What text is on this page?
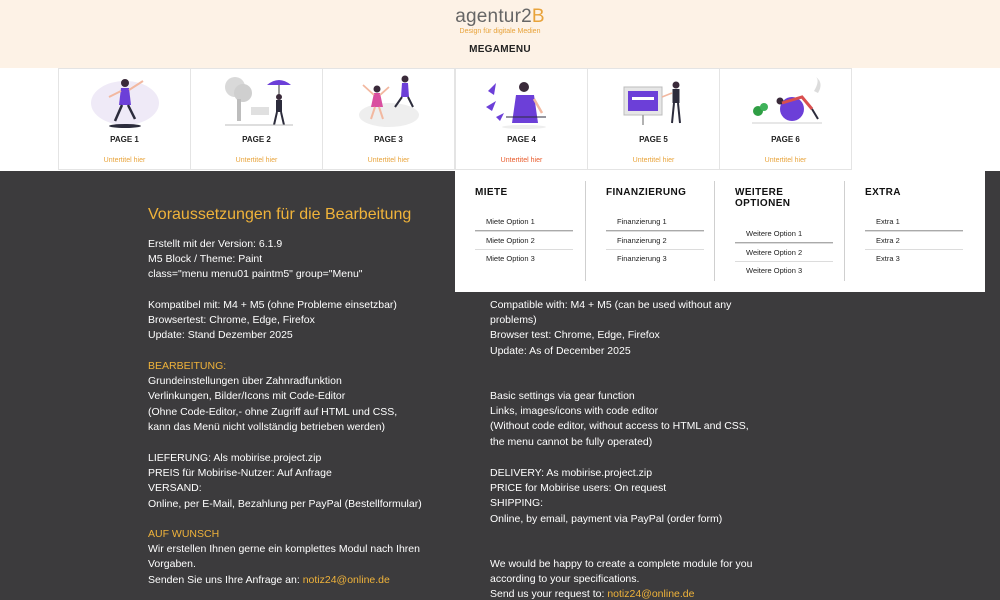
agentur2B
Design für digitale Medien
MEGAMENU
PAGE 1
Untertitel hier
PAGE 2
Untertitel hier
PAGE 3
Untertitel hier
PAGE 4
Untertitel hier
PAGE 5
Untertitel hier
PAGE 6
Untertitel hier
Voraussetzungen für die Bearbeitung
Erstellt mit der Version: 6.1.9
M5 Block / Theme: Paint
class="menu menu01 paintm5" group="Menu"
Kompatibel mit: M4 + M5 (ohne Probleme einsetzbar)
Browsertest: Chrome, Edge, Firefox
Update: Stand Dezember 2025
BEARBEITUNG:
Grundeinstellungen über Zahnradfunktion
Verlinkungen, Bilder/Icons mit Code-Editor
(Ohne Code-Editor,- ohne Zugriff auf HTML und CSS,
kann das Menü nicht vollständig betrieben werden)
LIEFERUNG: Als mobirise.project.zip
PREIS für Mobirise-Nutzer: Auf Anfrage
VERSAND:
Online, per E-Mail, Bezahlung per PayPal (Bestellformular)
AUF WUNSCH
Wir erstellen Ihnen gerne ein komplettes Modul nach Ihren
Vorgaben.
Senden Sie uns Ihre Anfrage an: notiz24@online.de
Compatible with: M4 + M5 (can be used without any
problems)
Browser test: Chrome, Edge, Firefox
Update: As of December 2025
Basic settings via gear function
Links, images/icons with code editor
(Without code editor, without access to HTML and CSS,
the menu cannot be fully operated)
DELIVERY: As mobirise.project.zip
PRICE for Mobirise users: On request
SHIPPING:
Online, by email, payment via PayPal (order form)
We would be happy to create a complete module for you
according to your specifications.
Send us your request to: notiz24@online.de
MIETE
Miete Option 1
Miete Option 2
Miete Option 3
FINANZIERUNG
Finanzierung 1
Finanzierung 2
Finanzierung 3
WEITERE OPTIONEN
Weitere Option 1
Weitere Option 2
Weitere Option 3
EXTRA
Extra 1
Extra 2
Extra 3
